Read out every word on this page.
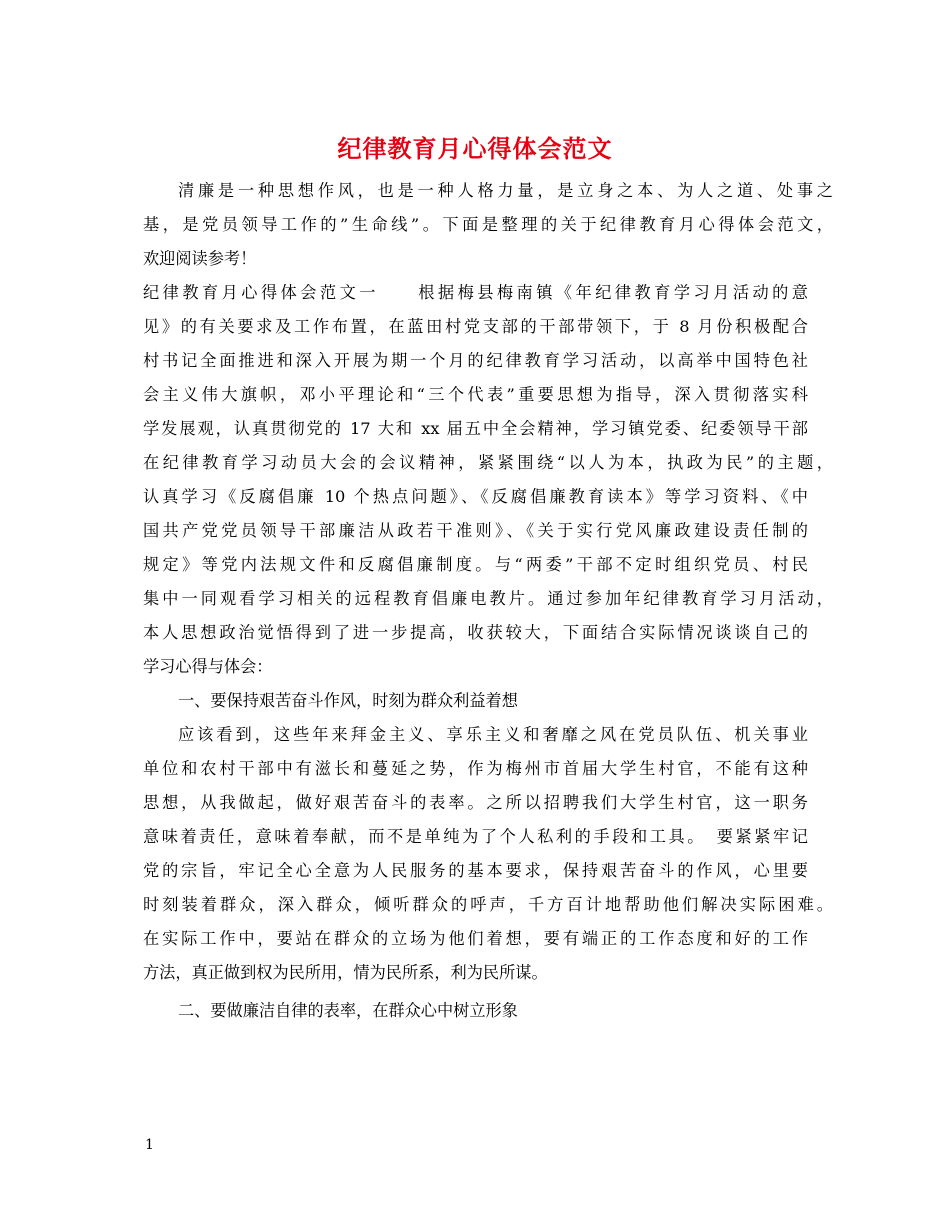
纪律教育月心得体会范文

清廉是一种思想作风，也是一种人格力量，是立身之本、为人之道、处事之

基，是党员领导工作的”生命线”。下面是整理的关于纪律教育月心得体会范文，

欢迎阅读参考！

纪律教育月心得体会范文一　　根据梅县梅南镇《年纪律教育学习月活动的意

见》的有关要求及工作布置，在蓝田村党支部的干部带领下，于 8 月份积极配合

村书记全面推进和深入开展为期一个月的纪律教育学习活动，以高举中国特色社

会主义伟大旗帜，邓小平理论和“三个代表”重要思想为指导，深入贯彻落实科

学发展观，认真贯彻党的 17 大和 xx 届五中全会精神，学习镇党委、纪委领导干部

在纪律教育学习动员大会的会议精神，紧紧围绕“以人为本，执政为民”的主题，

认真学习《反腐倡廉 10 个热点问题》、《反腐倡廉教育读本》等学习资料、《中

国共产党党员领导干部廉洁从政若干准则》、《关于实行党风廉政建设责任制的

规定》等党内法规文件和反腐倡廉制度。与“两委”干部不定时组织党员、村民

集中一同观看学习相关的远程教育倡廉电教片。通过参加年纪律教育学习月活动，

本人思想政治觉悟得到了进一步提高，收获较大，下面结合实际情况谈谈自己的

学习心得与体会：

一、要保持艰苦奋斗作风，时刻为群众利益着想

应该看到，这些年来拜金主义、享乐主义和奢靡之风在党员队伍、机关事业

单位和农村干部中有滋长和蔓延之势，作为梅州市首届大学生村官，不能有这种

思想，从我做起，做好艰苦奋斗的表率。之所以招聘我们大学生村官，这一职务

意味着责任，意味着奉献，而不是单纯为了个人私利的手段和工具。　要紧紧牢记

党的宗旨，牢记全心全意为人民服务的基本要求，保持艰苦奋斗的作风，心里要

时刻装着群众，深入群众，倾听群众的呼声，千方百计地帮助他们解决实际困难。

在实际工作中，要站在群众的立场为他们着想，要有端正的工作态度和好的工作

方法，真正做到权为民所用，情为民所系，利为民所谋。

二、要做廉洁自律的表率，在群众心中树立形象

1
